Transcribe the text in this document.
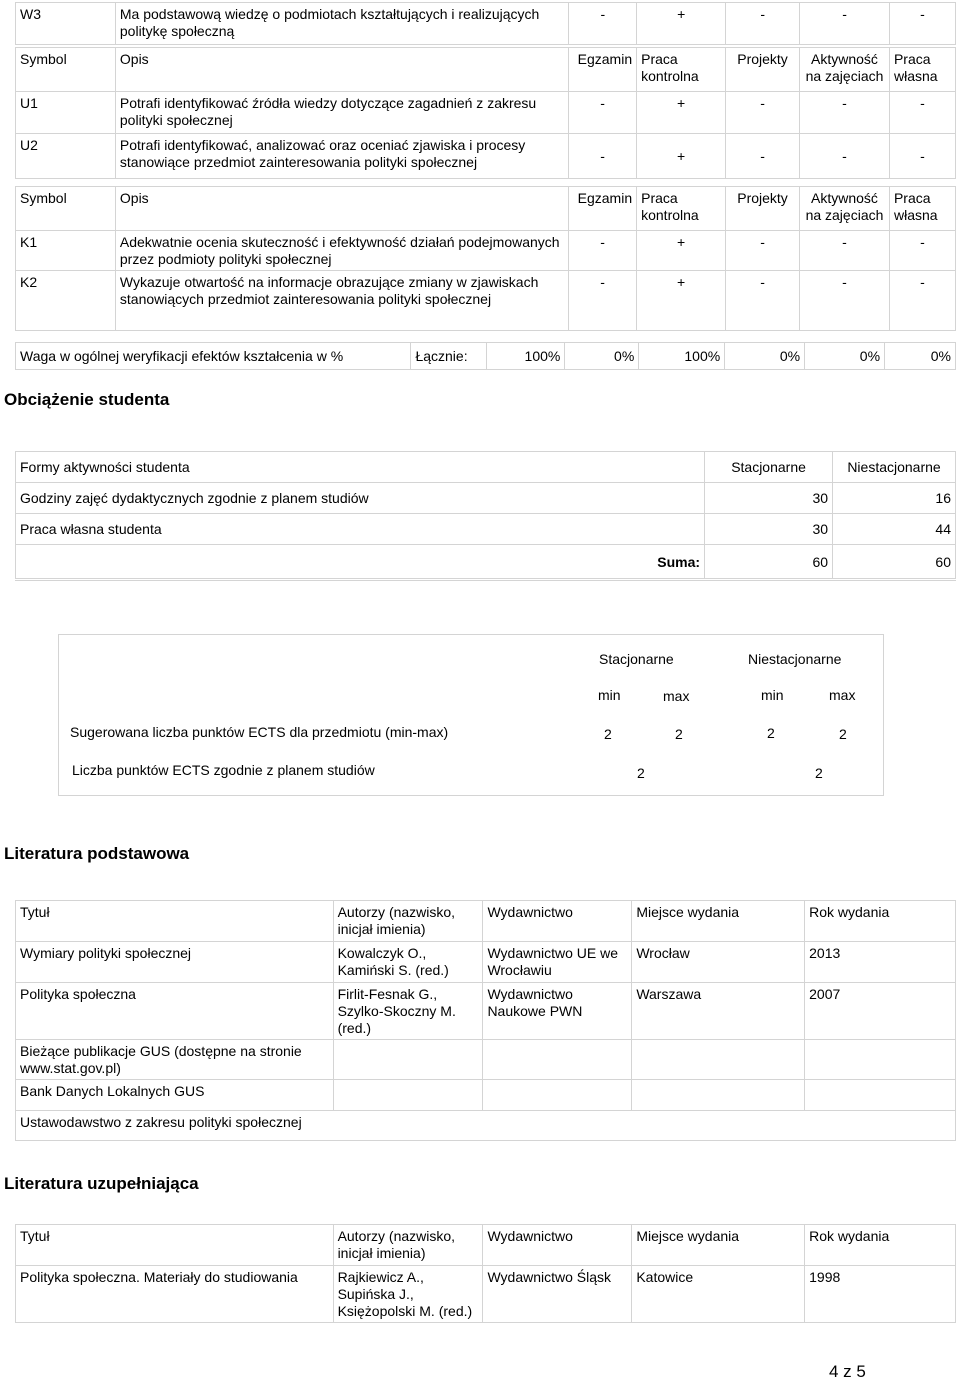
W3	Ma podstawową wiedzę o podmiotach kształtujących i realizujących politykę społeczną	-	+	-	-	-
Symbol	Opis	Egzamin	Praca kontrolna	Projekty	Aktywność na zajęciach	Praca własna
U1	Potrafi identyfikować źródła wiedzy dotyczące zagadnień z zakresu polityki społecznej	-	+	-	-	-
U2	Potrafi identyfikować, analizować oraz oceniać zjawiska i procesy stanowiące przedmiot zainteresowania polityki społecznej	-	+	-	-	-
Symbol	Opis	Egzamin	Praca kontrolna	Projekty	Aktywność na zajęciach	Praca własna
K1	Adekwatnie ocenia skuteczność i efektywność działań podejmowanych przez podmioty polityki społecznej	-	+	-	-	-
K2	Wykazuje otwartość na informacje obrazujące zmiany w zjawiskach stanowiących przedmiot zainteresowania polityki społecznej	-	+	-	-	-
Waga w ogólnej weryfikacji efektów kształcenia w %	Łącznie:	100%	0%	100%	0%	0%	0%
Obciążenie studenta
Formy aktywności studenta	Stacjonarne	Niestacjonarne
Godziny zajęć dydaktycznych zgodnie z planem studiów	30	16
Praca własna studenta	30	44
Suma:	60	60
Stacjonarne	Niestacjonarne
min	max	min	max
Sugerowana liczba punktów ECTS dla przedmiotu (min-max)	2	2	2	2
Liczba punktów ECTS zgodnie z planem studiów	2	2
Literatura podstawowa
Tytuł	Autorzy (nazwisko, inicjał imienia)	Wydawnictwo	Miejsce wydania	Rok wydania
Wymiary polityki społecznej	Kowalczyk O., Kamiński S. (red.)	Wydawnictwo UE we Wrocławiu	Wrocław	2013
Polityka społeczna	Firlit-Fesnak G., Szylko-Skoczny M. (red.)	Wydawnictwo Naukowe PWN	Warszawa	2007
Bieżące publikacje GUS (dostępne na stronie www.stat.gov.pl)				
Bank Danych Lokalnych GUS				
Ustawodawstwo z zakresu polityki społecznej				
Literatura uzupełniająca
Tytuł	Autorzy (nazwisko, inicjał imienia)	Wydawnictwo	Miejsce wydania	Rok wydania
Polityka społeczna. Materiały do studiowania	Rajkiewicz A., Supińska J., Księżopolski M. (red.)	Wydawnictwo Śląsk	Katowice	1998
4 z 5
